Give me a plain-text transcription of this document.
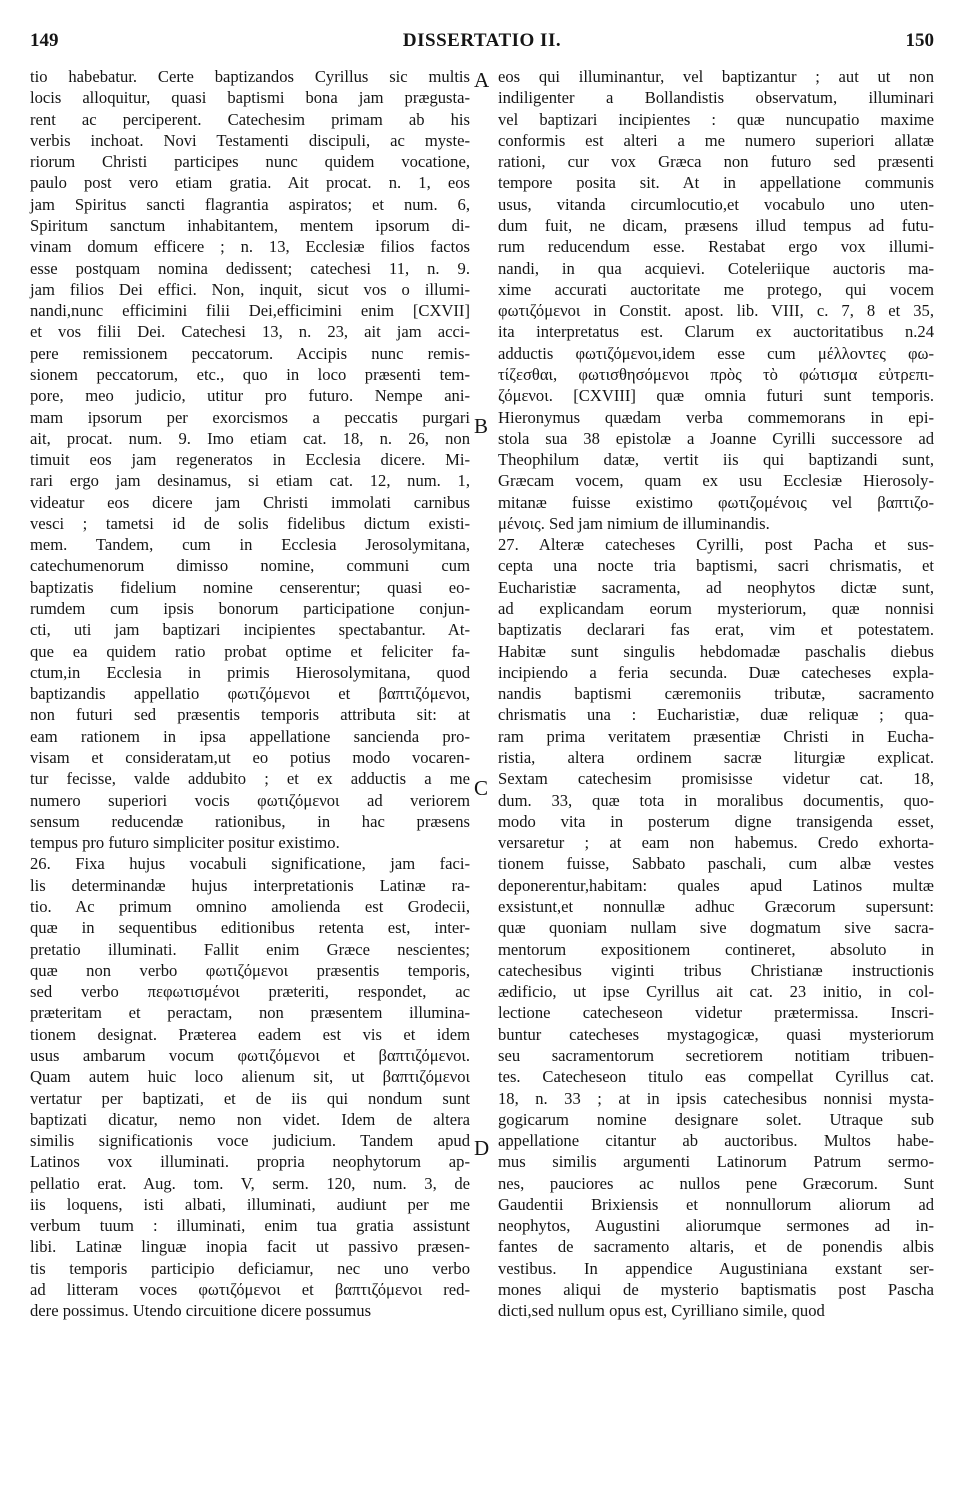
149	DISSERTATIO II.	150
A
B
C
D
tio habebatur. Certe baptizandos Cyrillus sic multis
locis alloquitur, quasi baptismi bona jam prægusta-
rent ac perciperent. Catechesim primam ab his
verbis inchoat. Novi Testamenti discipuli, ac myste-
riorum Christi participes nunc quidem vocatione,
paulo post vero etiam gratia. Ait procat. n. 1, eos
jam Spiritus sancti flagrantia aspiratos; et num. 6,
Spiritum sanctum inhabitantem, mentem ipsorum di-
vinam domum efficere ; n. 13, Ecclesiæ filios factos
esse postquam nomina dedissent; catechesi 11, n. 9.
jam filios Dei effici. Non, inquit, sicut vos o illumi-
nandi,nunc efficimini filii Dei,efficimini enim [CXVII]
et vos filii Dei. Catechesi 13, n. 23, ait jam acci-
pere remissionem peccatorum. Accipis nunc remis-
sionem peccatorum, etc., quo in loco præsenti tem-
pore, meo judicio, utitur pro futuro. Nempe ani-
mam ipsorum per exorcismos a peccatis purgari
ait, procat. num. 9. Imo etiam cat. 18, n. 26, non
timuit eos jam regeneratos in Ecclesia dicere. Mi-
rari ergo jam desinamus, si etiam cat. 12, num. 1,
videatur eos dicere jam Christi immolati carnibus
vesci ; tametsi id de solis fidelibus dictum existi-
mem. Tandem, cum in Ecclesia Jerosolymitana,
catechumenorum dimisso nomine, communi cum
baptizatis fidelium nomine censerentur; quasi eo-
rumdem cum ipsis bonorum participatione conjun-
cti, uti jam baptizari incipientes spectabantur. At-
que ea quidem ratio probat optime et feliciter fa-
ctum,in Ecclesia in primis Hierosolymitana, quod
baptizandis appellatio φωτιζόμενοι et βαπτιζόμενοι,
non futuri sed præsentis temporis attributa sit: at
eam rationem in ipsa appellatione sancienda pro-
visam et consideratam,ut eo potius modo vocaren-
tur fecisse, valde addubito ; et ex adductis a me
numero superiori vocis φωτιζόμενοι ad veriorem
sensum reducendæ rationibus, in hac præsens
tempus pro futuro simpliciter positur existimo.
26. Fixa hujus vocabuli significatione, jam faci-
lis determinandæ hujus interpretationis Latinæ ra-
tio. Ac primum omnino amolienda est Grodecii,
quæ in sequentibus editionibus retenta est, inter-
pretatio illuminati. Fallit enim Græce nescientes;
quæ non verbo φωτιζόμενοι præsentis temporis,
sed verbo πεφωτισμένοι præteriti, respondet, ac
præteritam et peractam, non præsentem illumina-
tionem designat. Præterea eadem est vis et idem
usus ambarum vocum φωτιζόμενοι et βαπτιζόμενοι.
Quam autem huic loco alienum sit, ut βαπτιζόμενοι
vertatur per baptizati, et de iis qui nondum sunt
baptizati dicatur, nemo non videt. Idem de altera
similis significationis voce judicium. Tandem apud
Latinos vox illuminati. propria neophytorum ap-
pellatio erat. Aug. tom. V, serm. 120, num. 3, de
iis loquens, isti albati, illuminati, audiunt per me
verbum tuum : illuminati, enim tua gratia assistunt
libi. Latinæ linguæ inopia facit ut passivo præsen-
tis temporis participio deficiamur, nec uno verbo
ad litteram voces φωτιζόμενοι et βαπτιζόμενοι red-
dere possimus. Utendo circuitione dicere possumus
eos qui illuminantur, vel baptizantur ; aut ut non
indiligenter a Bollandistis observatum, illuminari
vel baptizari incipientes : quæ nuncupatio maxime
conformis est alteri a me numero superiori allatæ
rationi, cur vox Græca non futuro sed præsenti
tempore posita sit. At in appellatione communis
usus, vitanda circumlocutio,et vocabulo uno uten-
dum fuit, ne dicam, præsens illud tempus ad futu-
rum reducendum esse. Restabat ergo vox illumi-
nandi, in qua acquievi. Coteleriique auctoris ma-
xime accurati auctoritate me protego, qui vocem
φωτιζόμενοι in Constit. apost. lib. VIII, c. 7, 8 et 35,
ita interpretatus est. Clarum ex auctoritatibus n.24
adductis φωτιζόμενοι,idem esse cum μέλλοντες φω-
τίζεσθαι, φωτισθησόμενοι πρὸς τὸ φώτισμα εὐτρεπι-
ζόμενοι. [CXVIII] quæ omnia futuri sunt temporis.
Hieronymus quædam verba commemorans in epi-
stola sua 38 epistolæ a Joanne Cyrilli successore ad
Theophilum datæ, vertit iis qui baptizandi sunt,
Græcam vocem, quam ex usu Ecclesiæ Hierosoly-
mitanæ fuisse existimo φωτιζομένοις vel βαπτιζο-
μένοις. Sed jam nimium de illuminandis.
27. Alteræ catecheses Cyrilli, post Pacha et sus-
cepta una nocte tria baptismi, sacri chrismatis, et
Eucharistiæ sacramenta, ad neophytos dictæ sunt,
ad explicandam eorum mysteriorum, quæ nonnisi
baptizatis declarari fas erat, vim et potestatem.
Habitæ sunt singulis hebdomadæ paschalis diebus
incipiendo a feria secunda. Duæ catecheses expla-
nandis baptismi cæremoniis tributæ, sacramento
chrismatis una : Eucharistiæ, duæ reliquæ ; qua-
ram prima veritatem præsentiæ Christi in Eucha-
ristia, altera ordinem sacræ liturgiæ explicat.
Sextam catechesim promisisse videtur cat. 18,
dum. 33, quæ tota in moralibus documentis, quo-
modo vita in posterum digne transigenda esset,
versaretur ; at eam non habemus. Credo exhorta-
tionem fuisse, Sabbato paschali, cum albæ vestes
deponerentur,habitam: quales apud Latinos multæ
exsistunt,et nonnullæ adhuc Græcorum supersunt:
quæ quoniam nullam sive dogmatum sive sacra-
mentorum expositionem contineret, absoluto in
catechesibus viginti tribus Christianæ instructionis
ædificio, ut ipse Cyrillus ait cat. 23 initio, in col-
lectione catecheseon videtur prætermissa. Inscri-
buntur catecheses mystagogicæ, quasi mysteriorum
seu sacramentorum secretiorem notitiam tribuen-
tes. Catecheseon titulo eas compellat Cyrillus cat.
18, n. 33 ; at in ipsis catechesibus nonnisi mysta-
gogicarum nomine designare solet. Utraque sub
appellatione citantur ab auctoribus. Multos habe-
mus similis argumenti Latinorum Patrum sermo-
nes, pauciores ac nullos pene Græcorum. Sunt
Gaudentii Brixiensis et nonnullorum aliorum ad
neophytos, Augustini aliorumque sermones ad in-
fantes de sacramento altaris, et de ponendis albis
vestibus. In appendice Augustiniana exstant ser-
mones aliqui de mysterio baptismatis post Pascha
dicti,sed nullum opus est, Cyrilliano simile, quod
